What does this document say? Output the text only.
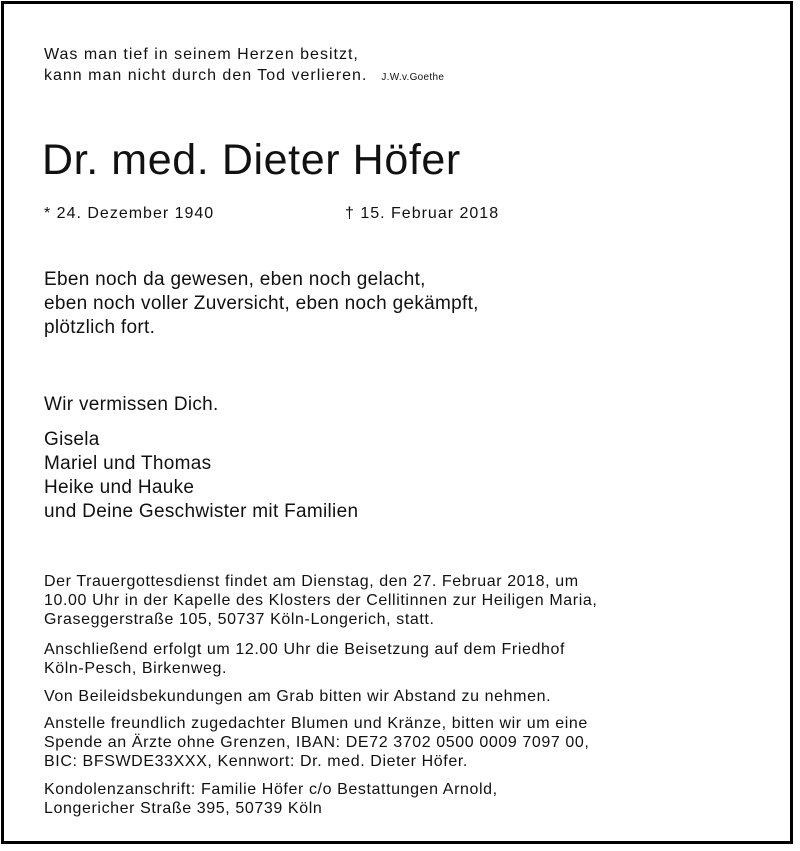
Was man tief in seinem Herzen besitzt,
kann man nicht durch den Tod verlieren. J.W.v.Goethe
Dr. med. Dieter Höfer
* 24. Dezember 1940	† 15. Februar 2018
Eben noch da gewesen, eben noch gelacht,
eben noch voller Zuversicht, eben noch gekämpft,
plötzlich fort.
Wir vermissen Dich.
Gisela
Mariel und Thomas
Heike und Hauke
und Deine Geschwister mit Familien
Der Trauergottesdienst findet am Dienstag, den 27. Februar 2018, um
10.00 Uhr in der Kapelle des Klosters der Cellitinnen zur Heiligen Maria,
Graseggerstraße 105, 50737 Köln-Longerich, statt.
Anschließend erfolgt um 12.00 Uhr die Beisetzung auf dem Friedhof
Köln-Pesch, Birkenweg.
Von Beileidsbekundungen am Grab bitten wir Abstand zu nehmen.
Anstelle freundlich zugedachter Blumen und Kränze, bitten wir um eine
Spende an Ärzte ohne Grenzen, IBAN: DE72 3702 0500 0009 7097 00,
BIC: BFSWDE33XXX, Kennwort: Dr. med. Dieter Höfer.
Kondolenzanschrift: Familie Höfer c/o Bestattungen Arnold,
Longericher Straße 395, 50739 Köln
